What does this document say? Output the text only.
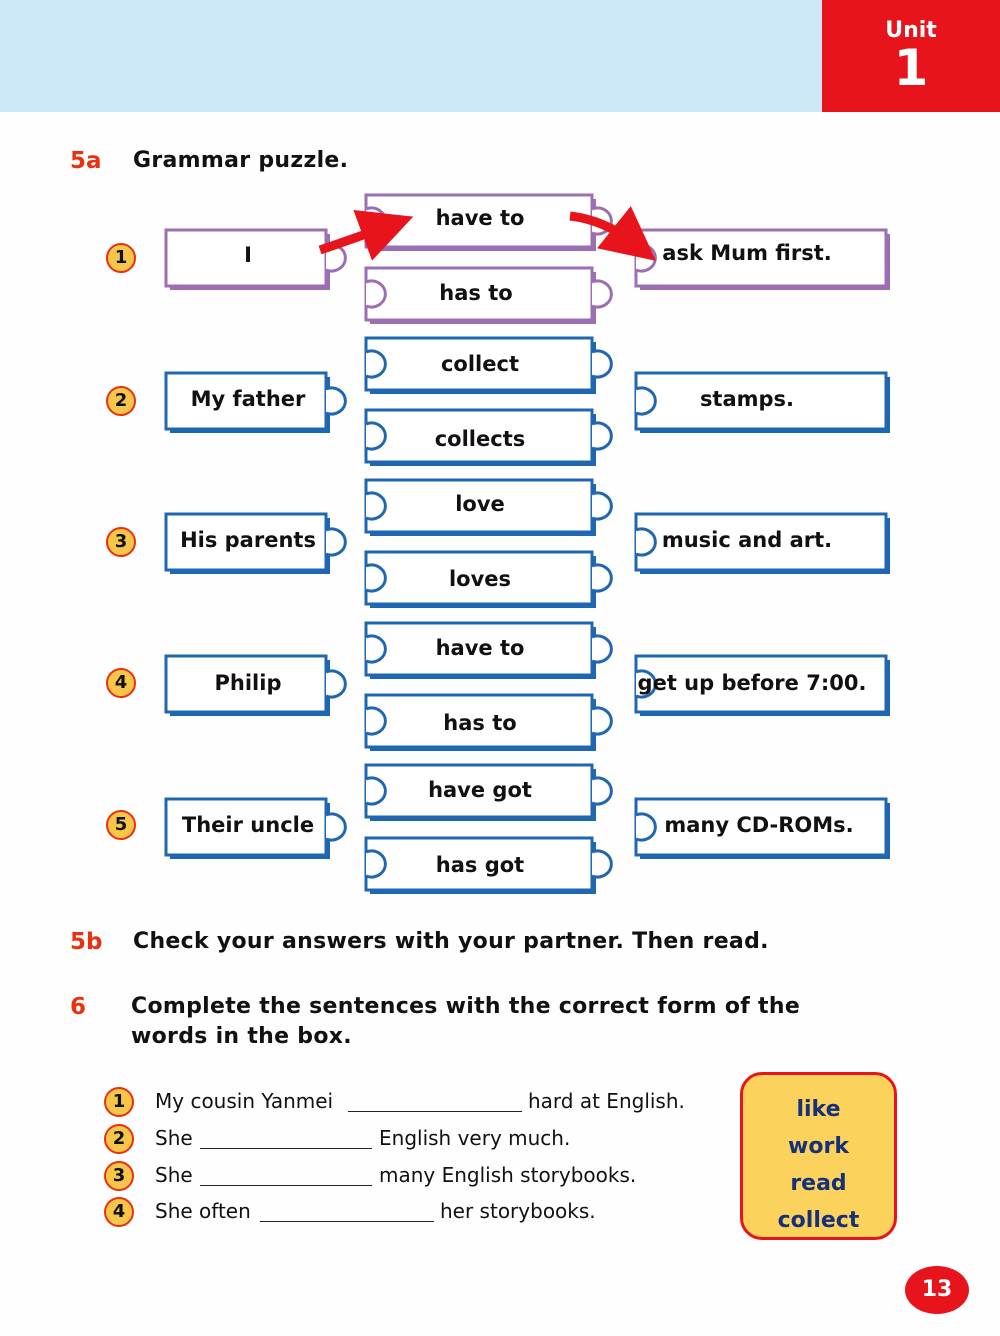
Unit
1
5a Grammar puzzle.
1
2
3
4
5
I
My father
His parents
Philip
Their uncle
have to
has to
collect
collects
love
loves
have to
has to
have got
has got
ask Mum first.
stamps.
music and art.
get up before 7:00.
many CD-ROMs.
5b Check your answers with your partner. Then read.
6 Complete the sentences with the correct form of the
words in the box.
1	My cousin Yanmei	hard at English.
2	She	English very much.
3	She	many English storybooks.
4	She often	her storybooks.
like
work
read
collect
13
